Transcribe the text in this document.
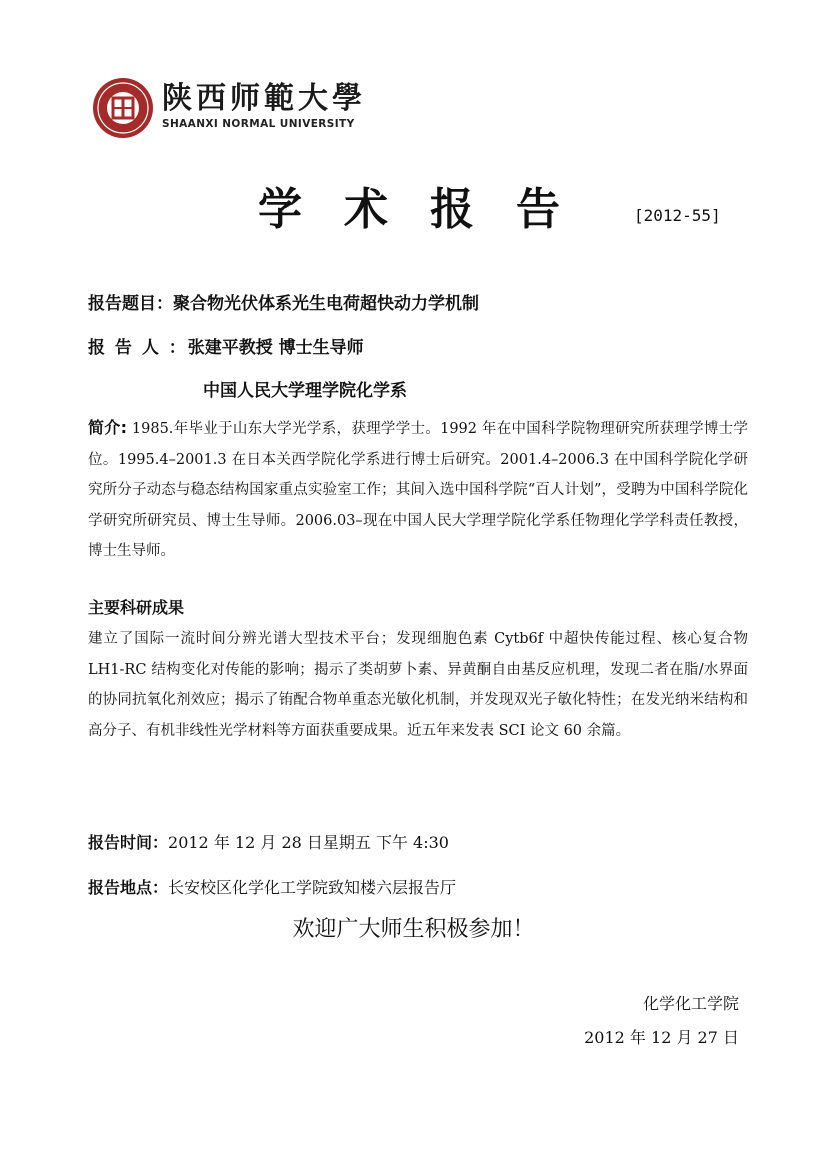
陕西师範大學
SHAANXI NORMAL UNIVERSITY
学术报告 [2012-55]
报告题目：聚合物光伏体系光生电荷超快动力学机制
报 告 人 ：张建平教授 博士生导师
中国人民大学理学院化学系
简介: 1985.年毕业于山东大学光学系，获理学学士。1992 年在中国科学院物理研究所获理学博士学位。1995.4–2001.3 在日本关西学院化学系进行博士后研究。2001.4–2006.3 在中国科学院化学研究所分子动态与稳态结构国家重点实验室工作；其间入选中国科学院“百人计划”，受聘为中国科学院化学研究所研究员、博士生导师。2006.03–现在中国人民大学理学院化学系任物理化学学科责任教授，博士生导师。
主要科研成果
建立了国际一流时间分辨光谱大型技术平台；发现细胞色素 Cytb6f 中超快传能过程、核心复合物 LH1-RC 结构变化对传能的影响；揭示了类胡萝卜素、异黄酮自由基反应机理，发现二者在脂/水界面的协同抗氧化剂效应；揭示了铕配合物单重态光敏化机制，并发现双光子敏化特性；在发光纳米结构和高分子、有机非线性光学材料等方面获重要成果。近五年来发表 SCI 论文 60 余篇。
报告时间：2012 年 12 月 28 日星期五 下午 4:30
报告地点：长安校区化学化工学院致知楼六层报告厅
欢迎广大师生积极参加！
化学化工学院
2012 年 12 月 27 日
